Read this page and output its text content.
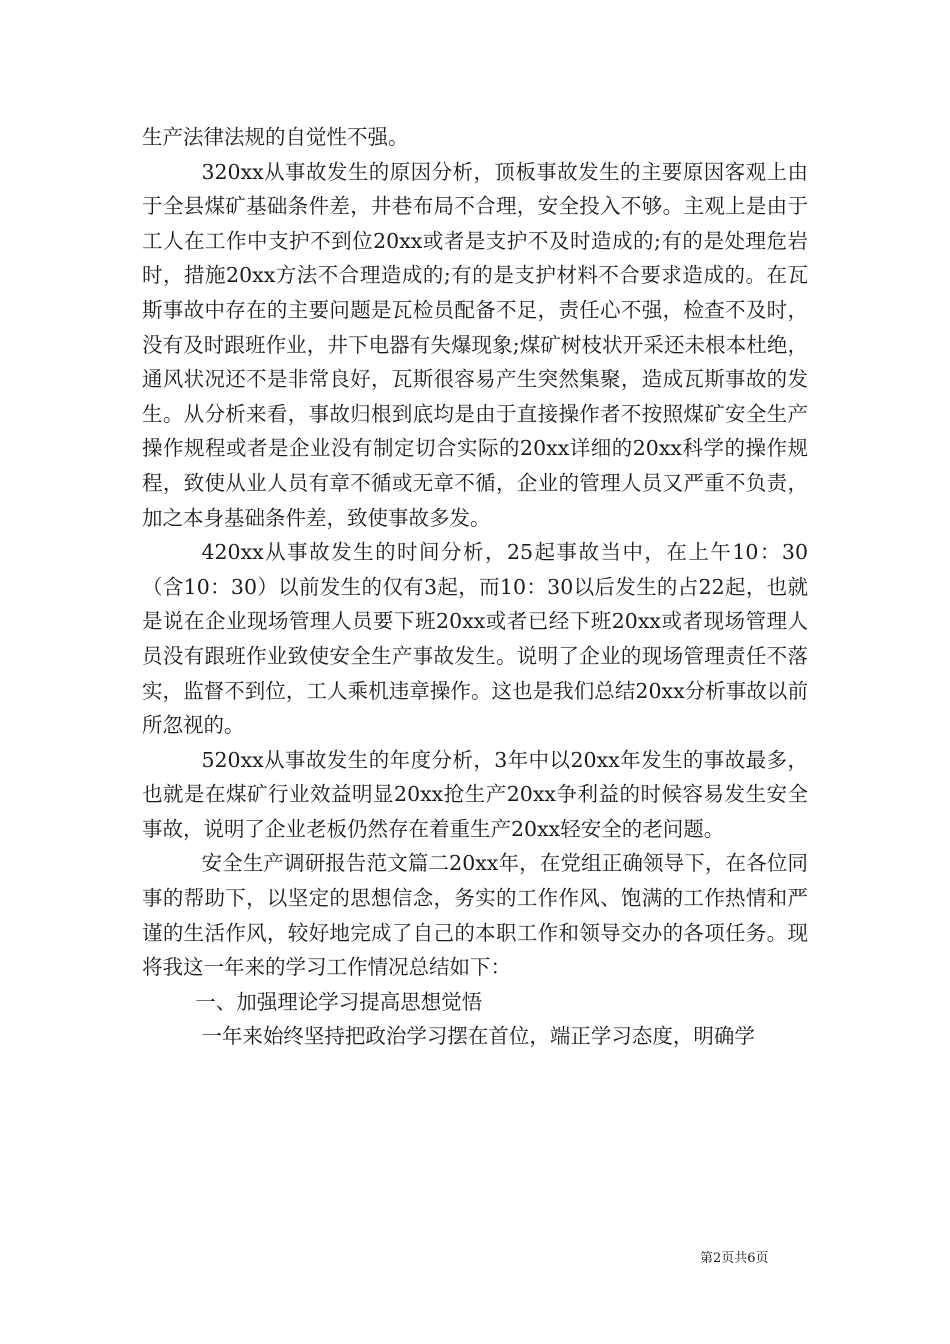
生产法律法规的自觉性不强。

320xx从事故发生的原因分析，顶板事故发生的主要原因客观上由于全县煤矿基础条件差，井巷布局不合理，安全投入不够。主观上是由于工人在工作中支护不到位20xx或者是支护不及时造成的;有的是处理危岩时，措施20xx方法不合理造成的;有的是支护材料不合要求造成的。在瓦斯事故中存在的主要问题是瓦检员配备不足，责任心不强，检查不及时，没有及时跟班作业，井下电器有失爆现象;煤矿树枝状开采还未根本杜绝，通风状况还不是非常良好，瓦斯很容易产生突然集聚，造成瓦斯事故的发生。从分析来看，事故归根到底均是由于直接操作者不按照煤矿安全生产操作规程或者是企业没有制定切合实际的20xx详细的20xx科学的操作规程，致使从业人员有章不循或无章不循，企业的管理人员又严重不负责，加之本身基础条件差，致使事故多发。

420xx从事故发生的时间分析，25起事故当中，在上午10：30（含10：30）以前发生的仅有3起，而10：30以后发生的占22起，也就是说在企业现场管理人员要下班20xx或者已经下班20xx或者现场管理人员没有跟班作业致使安全生产事故发生。说明了企业的现场管理责任不落实，监督不到位，工人乘机违章操作。这也是我们总结20xx分析事故以前所忽视的。

520xx从事故发生的年度分析，3年中以20xx年发生的事故最多，也就是在煤矿行业效益明显20xx抢生产20xx争利益的时候容易发生安全事故，说明了企业老板仍然存在着重生产20xx轻安全的老问题。

安全生产调研报告范文篇二20xx年，在党组正确领导下，在各位同事的帮助下，以坚定的思想信念，务实的工作作风、饱满的工作热情和严谨的生活作风，较好地完成了自己的本职工作和领导交办的各项任务。现将我这一年来的学习工作情况总结如下：

一、加强理论学习提高思想觉悟

一年来始终坚持把政治学习摆在首位，端正学习态度，明确学

第2页共6页
